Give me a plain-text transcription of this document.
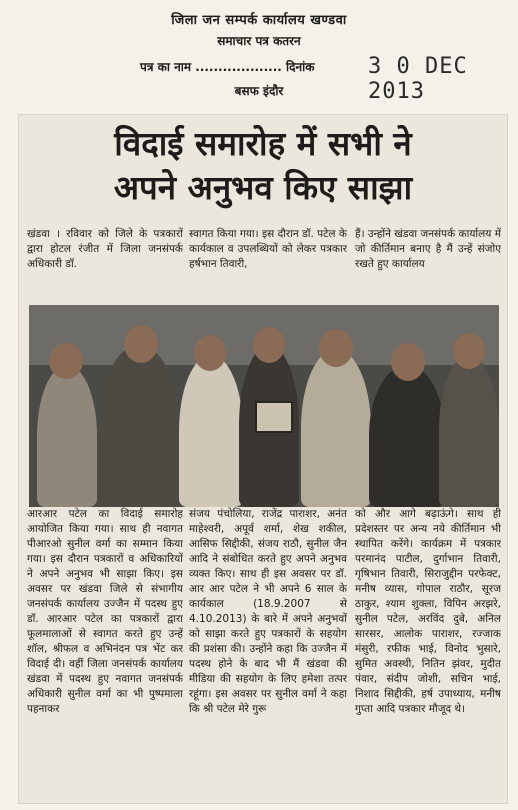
जिला जन सम्पर्क कार्यालय खण्डवा
समाचार पत्र कतरन
पत्र का नाम ................... दिनांक 3 0 DEC 2013
बसफ इंदौर
विदाई समारोह में सभी ने
अपने अनुभव किए साझा
खंडवा । रविवार को जिले के पत्रकारों द्वारा होटल रंजीत में जिला जनसंपर्क अधिकारी डॉ.
स्वागत किया गया। इस दौरान डॉ. पटेल के कार्यकाल व उपलब्धियों को लेकर पत्रकार हर्षभान तिवारी,
हैं। उन्होंने खंडवा जनसंपर्क कार्यालय में जो कीर्तिमान बनाए है मैं उन्हें संजोए रखते हुए कार्यालय
आरआर पटेल का विदाई समारोह आयोजित किया गया। साथ ही नवागत पीआरओ सुनील वर्मा का सम्मान किया गया। इस दौरान पत्रकारों व अधिकारियों ने अपने अनुभव भी साझा किए। इस अवसर पर खंडवा जिले से संभागीय जनसंपर्क कार्यालय उज्जैन में पदस्थ हुए डॉ. आरआर पटेल का पत्रकारों द्वारा फूलमालाओं से स्वागत करते हुए उन्हें शॉल, श्रीफल व अभिनंदन पत्र भेंट कर विदाई दी। वहीं जिला जनसंपर्क कार्यालय खंडवा में पदस्थ हुए नवागत जनसंपर्क अधिकारी सुनील वर्मा का भी पुष्पमाला पहनाकर
संजय पंचोलिया, राजेंद्र पाराशर, अनंत माहेश्वरी, अपूर्व शर्मा, शेख शकील, आसिफ सिद्दीकी, संजय राठौ, सुनील जैन आदि ने संबोधित करते हुए अपने अनुभव व्यक्त किए। साथ ही इस अवसर पर डॉ. आर आर पटेल ने भी अपने 6 साल के कार्यकाल (18.9.2007 से 4.10.2013) के बारे में अपने अनुभवों को साझा करते हुए पत्रकारों के सहयोग की प्रशंसा की। उन्होंने कहा कि उज्जैन में पदस्थ होने के बाद भी मैं खंडवा की मीडिया की सहयोग के लिए हमेशा तत्पर रहूंगा। इस अवसर पर सुनील वर्मा ने कहा कि श्री पटेल मेरे गुरू
को और आगे बढ़ाऊंगे। साथ ही प्रदेशस्तर पर अन्य नये कीर्तिमान भी स्थापित करेंगे। कार्यक्रम में पत्रकार परमानंद पाटील, दुर्गाभान तिवारी, गृषिभान तिवारी, सिराजुद्दीन परफेक्ट, मनीष व्यास, गोपाल राठौर, सूरज ठाकुर, श्याम शुक्ला, विपिन अरझरे, सुनील पटेल, अरविंद दुबे, अनिल सारसर, आलोक पाराशर, रज्जाक मंसुरी, रफीक भाई, विनोद भुसारे, सुमित अवस्थी, नितिन झंवर, मुदीत पंवार, संदीप जोशी, सचिन भाई, निशाद सिद्दीकी, हर्ष उपाध्याय, मनीष गुप्ता आदि पत्रकार मौजूद थे।
